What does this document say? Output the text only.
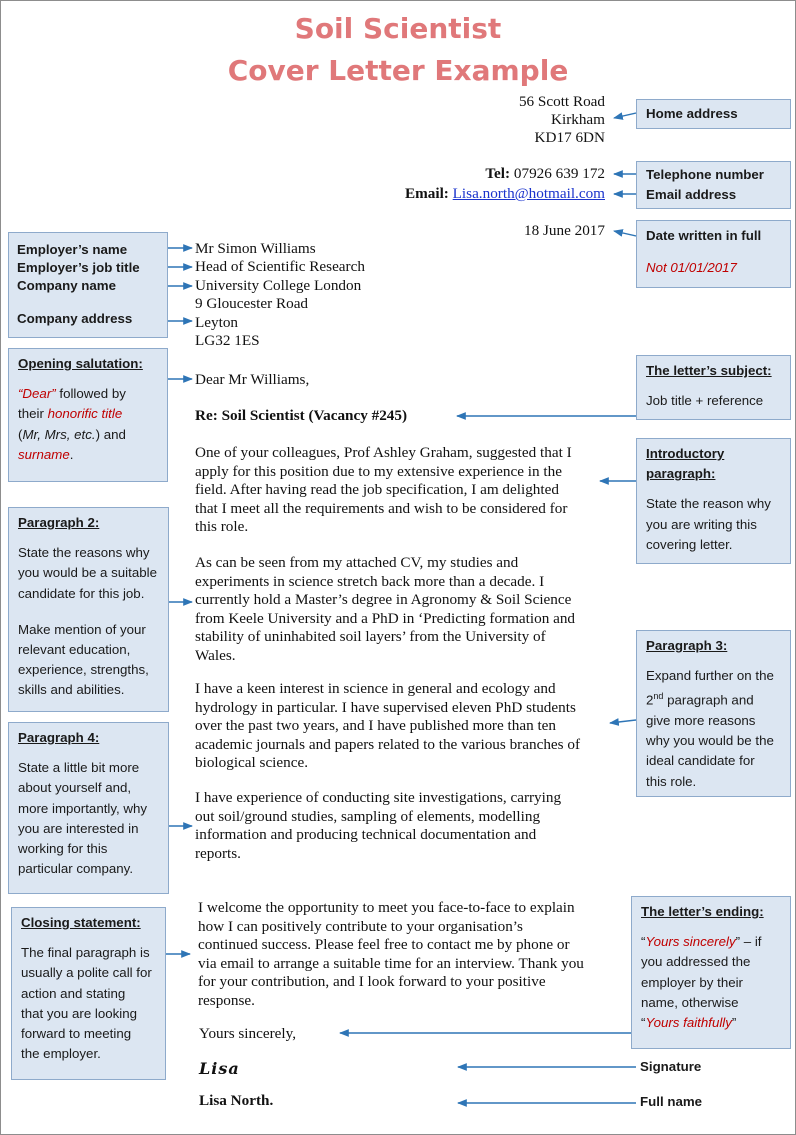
Soil Scientist
Cover Letter Example
56 Scott Road
Kirkham
KD17 6DN
Tel: 07926 639 172
Email: Lisa.north@hotmail.com
18 June 2017
Mr Simon Williams
Head of Scientific Research
University College London
9 Gloucester Road
Leyton
LG32 1ES
Dear Mr Williams,
Re: Soil Scientist (Vacancy #245)
One of your colleagues, Prof Ashley Graham, suggested that I
apply for this position due to my extensive experience in the
field. After having read the job specification, I am delighted
that I meet all the requirements and wish to be considered for
this role.
As can be seen from my attached CV, my studies and
experiments in science stretch back more than a decade. I
currently hold a Master’s degree in Agronomy & Soil Science
from Keele University and a PhD in ‘Predicting formation and
stability of uninhabited soil layers’ from the University of
Wales.
I have a keen interest in science in general and ecology and
hydrology in particular. I have supervised eleven PhD students
over the past two years, and I have published more than ten
academic journals and papers related to the various branches of
biological science.
I have experience of conducting site investigations, carrying
out soil/ground studies, sampling of elements, modelling
information and producing technical documentation and
reports.
I welcome the opportunity to meet you face-to-face to explain
how I can positively contribute to your organisation’s
continued success. Please feel free to contact me by phone or
via email to arrange a suitable time for an interview. Thank you
for your contribution, and I look forward to your positive
response.
Yours sincerely,
Lisa
Lisa North.
Home address
Telephone number
Email address
Date written in full
Not 01/01/2017
The letter’s subject:
Job title + reference
Introductory
paragraph:
State the reason why
you are writing this
covering letter.
Paragraph 3:
Expand further on the
2nd paragraph and
give more reasons
why you would be the
ideal candidate for
this role.
The letter’s ending:
“Yours sincerely” – if
you addressed the
employer by their
name, otherwise
“Yours faithfully”
Signature
Full name
Employer’s name
Employer’s job title
Company name
Company address
Opening salutation:
“Dear” followed by
their honorific title
(Mr, Mrs, etc.) and
surname.
Paragraph 2:
State the reasons why
you would be a suitable
candidate for this job.
Make mention of your
relevant education,
experience, strengths,
skills and abilities.
Paragraph 4:
State a little bit more
about yourself and,
more importantly, why
you are interested in
working for this
particular company.
Closing statement:
The final paragraph is
usually a polite call for
action and stating
that you are looking
forward to meeting
the employer.
